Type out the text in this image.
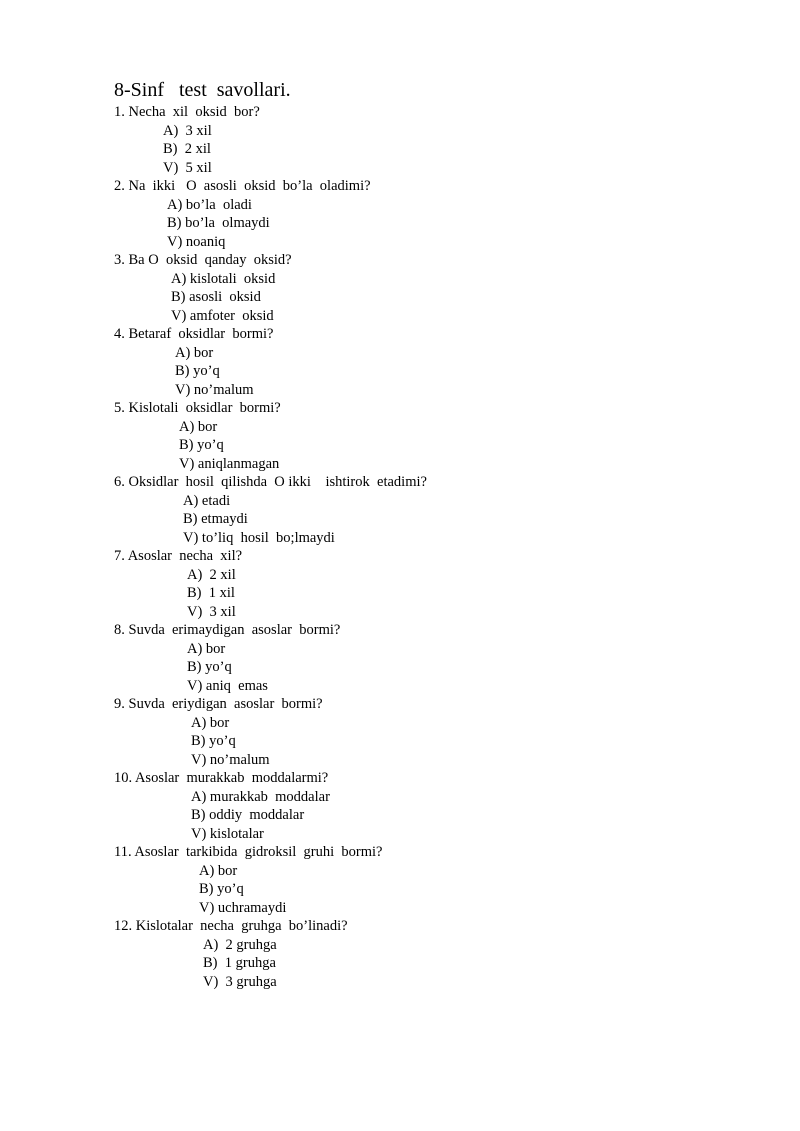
8-Sinf   test  savollari.
1. Necha  xil  oksid  bor?
A)  3 xil
B)  2 xil
V)  5 xil
2. Na  ikki   O  asosli  oksid  bo’la  oladimi?
A) bo’la  oladi
B) bo’la  olmaydi
V) noaniq
3. Ba O  oksid  qanday  oksid?
A) kislotali  oksid
B) asosli  oksid
V) amfoter  oksid
4. Betaraf  oksidlar  bormi?
A) bor
B) yo’q
V) no’malum
5. Kislotali  oksidlar  bormi?
A) bor
B) yo’q
V) aniqlanmagan
6. Oksidlar  hosil  qilishda  O ikki    ishtirok  etadimi?
A) etadi
B) etmaydi
V) to’liq  hosil  bo;lmaydi
7. Asoslar  necha  xil?
A)  2 xil
B)  1 xil
V)  3 xil
8. Suvda  erimaydigan  asoslar  bormi?
A) bor
B) yo’q
V) aniq  emas
9. Suvda  eriydigan  asoslar  bormi?
A) bor
B) yo’q
V) no’malum
10. Asoslar  murakkab  moddalarmi?
A) murakkab  moddalar
B) oddiy  moddalar
V) kislotalar
11. Asoslar  tarkibida  gidroksil  gruhi  bormi?
A) bor
B) yo’q
V) uchramaydi
12. Kislotalar  necha  gruhga  bo’linadi?
A)  2 gruhga
B)  1 gruhga
V)  3 gruhga
